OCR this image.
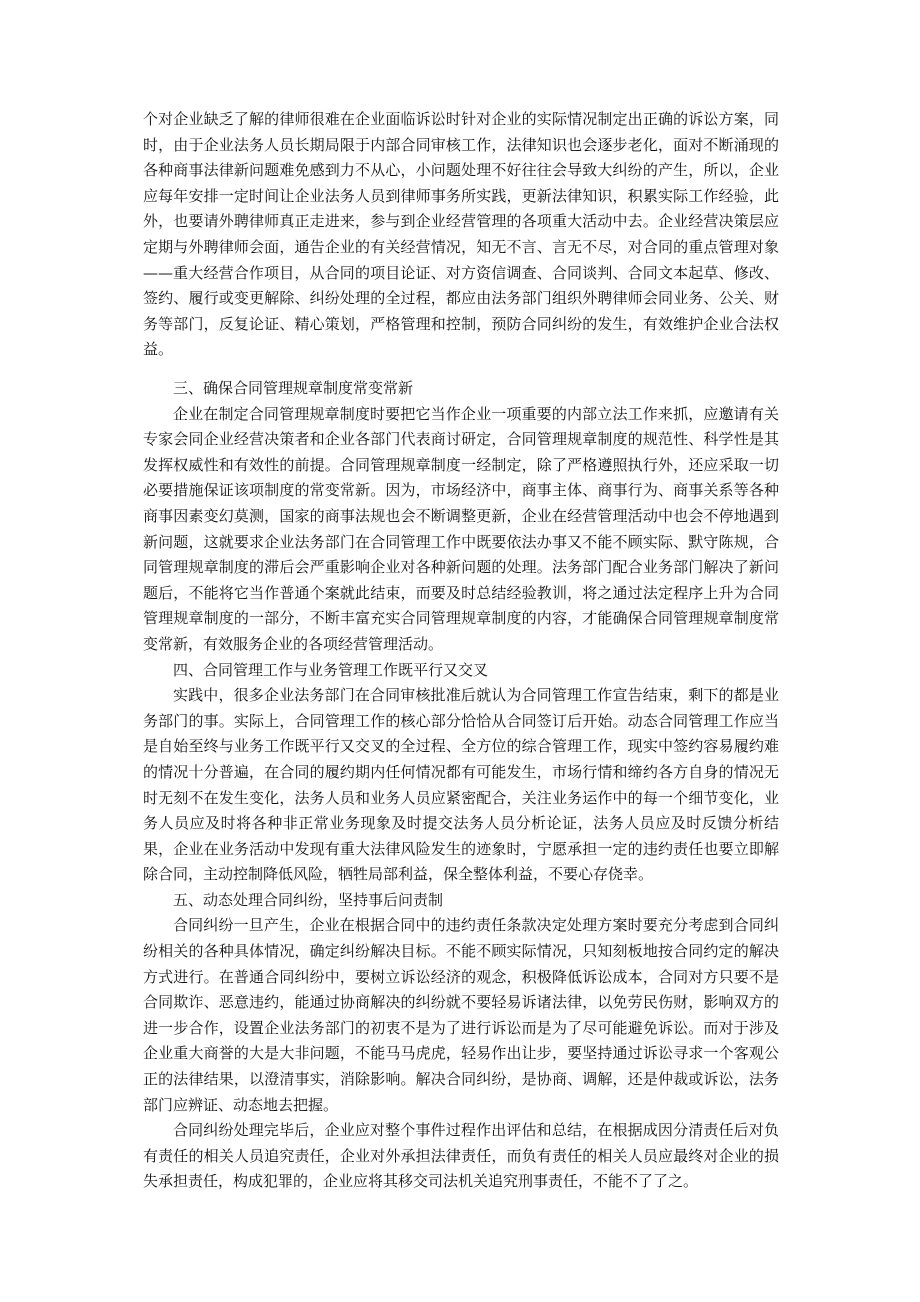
个对企业缺乏了解的律师很难在企业面临诉讼时针对企业的实际情况制定出正确的诉讼方案，同时，由于企业法务人员长期局限于内部合同审核工作，法律知识也会逐步老化，面对不断涌现的各种商事法律新问题难免感到力不从心，小问题处理不好往往会导致大纠纷的产生，所以，企业应每年安排一定时间让企业法务人员到律师事务所实践，更新法律知识，积累实际工作经验，此外，也要请外聘律师真正走进来，参与到企业经营管理的各项重大活动中去。企业经营决策层应定期与外聘律师会面，通告企业的有关经营情况，知无不言、言无不尽，对合同的重点管理对象——重大经营合作项目，从合同的项目论证、对方资信调查、合同谈判、合同文本起草、修改、签约、履行或变更解除、纠纷处理的全过程，都应由法务部门组织外聘律师会同业务、公关、财务等部门，反复论证、精心策划，严格管理和控制，预防合同纠纷的发生，有效维护企业合法权益。

三、确保合同管理规章制度常变常新

企业在制定合同管理规章制度时要把它当作企业一项重要的内部立法工作来抓，应邀请有关专家会同企业经营决策者和企业各部门代表商讨研定，合同管理规章制度的规范性、科学性是其发挥权威性和有效性的前提。合同管理规章制度一经制定，除了严格遵照执行外，还应采取一切必要措施保证该项制度的常变常新。因为，市场经济中，商事主体、商事行为、商事关系等各种商事因素变幻莫测，国家的商事法规也会不断调整更新，企业在经营管理活动中也会不停地遇到新问题，这就要求企业法务部门在合同管理工作中既要依法办事又不能不顾实际、默守陈规，合同管理规章制度的滞后会严重影响企业对各种新问题的处理。法务部门配合业务部门解决了新问题后，不能将它当作普通个案就此结束，而要及时总结经验教训，将之通过法定程序上升为合同管理规章制度的一部分，不断丰富充实合同管理规章制度的内容，才能确保合同管理规章制度常变常新，有效服务企业的各项经营管理活动。

四、合同管理工作与业务管理工作既平行又交叉

实践中，很多企业法务部门在合同审核批准后就认为合同管理工作宣告结束，剩下的都是业务部门的事。实际上，合同管理工作的核心部分恰恰从合同签订后开始。动态合同管理工作应当是自始至终与业务工作既平行又交叉的全过程、全方位的综合管理工作，现实中签约容易履约难的情况十分普遍，在合同的履约期内任何情况都有可能发生，市场行情和缔约各方自身的情况无时无刻不在发生变化，法务人员和业务人员应紧密配合，关注业务运作中的每一个细节变化，业务人员应及时将各种非正常业务现象及时提交法务人员分析论证，法务人员应及时反馈分析结果，企业在业务活动中发现有重大法律风险发生的迹象时，宁愿承担一定的违约责任也要立即解除合同，主动控制降低风险，牺牲局部利益，保全整体利益，不要心存侥幸。

五、动态处理合同纠纷，坚持事后问责制

合同纠纷一旦产生，企业在根据合同中的违约责任条款决定处理方案时要充分考虑到合同纠纷相关的各种具体情况，确定纠纷解决目标。不能不顾实际情况，只知刻板地按合同约定的解决方式进行。在普通合同纠纷中，要树立诉讼经济的观念，积极降低诉讼成本，合同对方只要不是合同欺诈、恶意违约，能通过协商解决的纠纷就不要轻易诉诸法律，以免劳民伤财，影响双方的进一步合作，设置企业法务部门的初衷不是为了进行诉讼而是为了尽可能避免诉讼。而对于涉及企业重大商誉的大是大非问题，不能马马虎虎，轻易作出让步，要坚持通过诉讼寻求一个客观公正的法律结果，以澄清事实，消除影响。解决合同纠纷，是协商、调解，还是仲裁或诉讼，法务部门应辨证、动态地去把握。

合同纠纷处理完毕后，企业应对整个事件过程作出评估和总结，在根据成因分清责任后对负有责任的相关人员追究责任，企业对外承担法律责任，而负有责任的相关人员应最终对企业的损失承担责任，构成犯罪的，企业应将其移交司法机关追究刑事责任，不能不了了之。
